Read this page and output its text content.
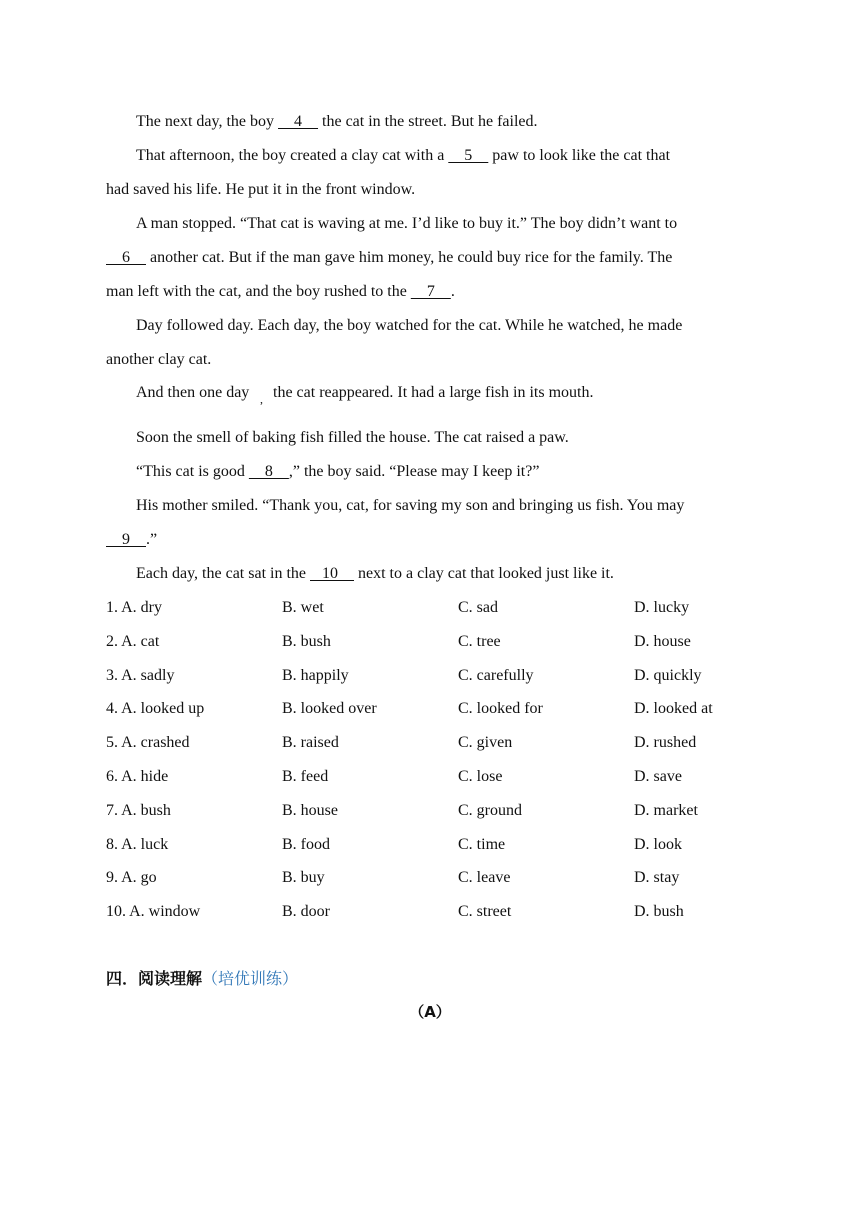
The next day, the boy     4     the cat in the street. But he failed.
That afternoon, the boy created a clay cat with a     5     paw to look like the cat that
had saved his life. He put it in the front window.
A man stopped. “That cat is waving at me. I’d like to buy it.” The boy didn’t want to
6     another cat. But if the man gave him money, he could buy rice for the family. The
man left with the cat, and the boy rushed to the     7    .
Day followed day. Each day, the boy watched for the cat. While he watched, he made
another clay cat.
And then one day , the cat reappeared. It had a large fish in its mouth.
Soon the smell of baking fish filled the house. The cat raised a paw.
“This cat is good     8    ,” the boy said. “Please may I keep it?”
His mother smiled. “Thank you, cat, for saving my son and bringing us fish. You may
9    .”
Each day, the cat sat in the    10     next to a clay cat that looked just like it.
1. A. dry	B. wet	C. sad	D. lucky
2. A. cat	B. bush	C. tree	D. house
3. A. sadly	B. happily	C. carefully	D. quickly
4. A. looked up	B. looked over	C. looked for	D. looked at
5. A. crashed	B. raised	C. given	D. rushed
6. A. hide	B. feed	C. lose	D. save
7. A. bush	B. house	C. ground	D. market
8. A. luck	B. food	C. time	D. look
9. A. go	B. buy	C. leave	D. stay
10. A. window	B. door	C. street	D. bush
四．阅读理解（培优训练）
（A）
